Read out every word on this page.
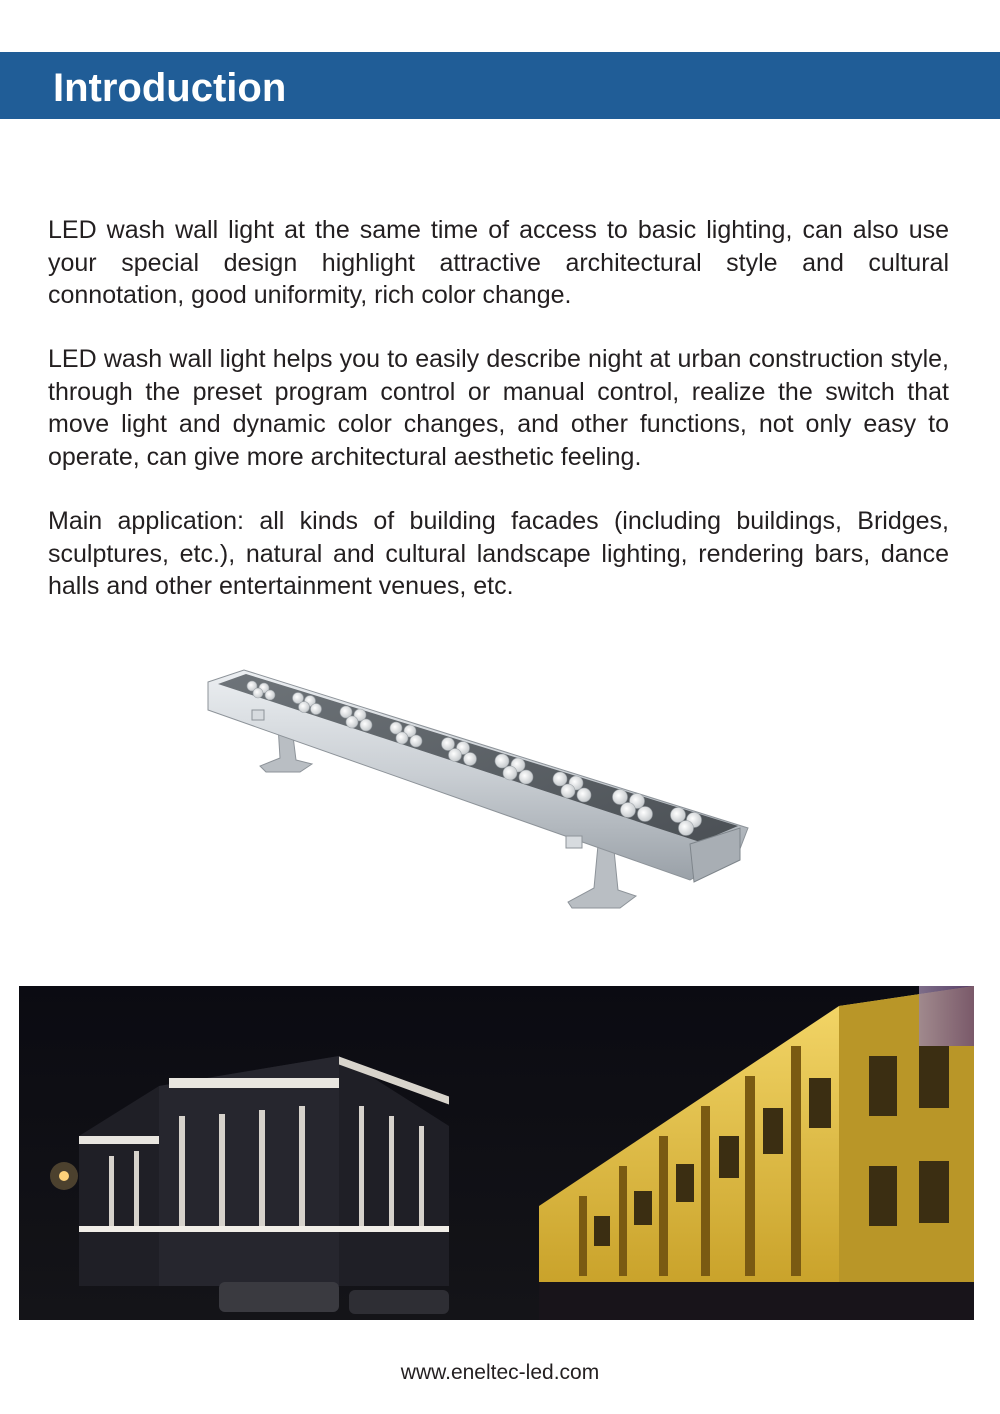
Introduction

LED wash wall light at the same time of access to basic lighting, can also use your special design highlight attractive architectural style and cultural connotation, good uniformity, rich color change.

LED wash wall light helps you to easily describe night at urban construction style, through the preset program control or manual control, realize the switch that move light and dynamic color changes, and other functions, not only easy to operate, can give more architectural aesthetic feeling.

Main application: all kinds of building facades (including buildings, Bridges, sculptures, etc.), natural and cultural landscape lighting, rendering bars, dance halls and other entertainment venues, etc.

www.eneltec-led.com
